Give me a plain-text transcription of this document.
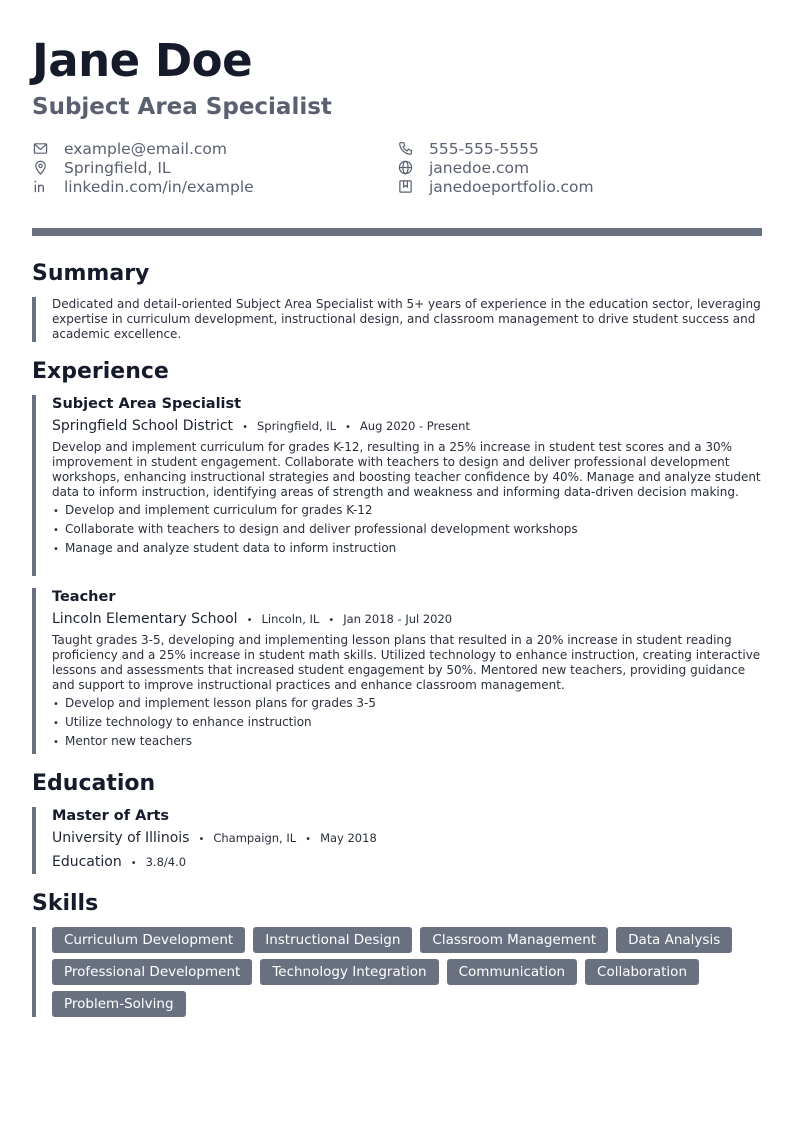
Jane Doe
Subject Area Specialist
example@email.com	555-555-5555
Springfield, IL	janedoe.com
linkedin.com/in/example	janedoeportfolio.com
Summary
Dedicated and detail-oriented Subject Area Specialist with 5+ years of experience in the education sector, leveraging expertise in curriculum development, instructional design, and classroom management to drive student success and academic excellence.
Experience
Subject Area Specialist
Springfield School District • Springfield, IL • Aug 2020 - Present
Develop and implement curriculum for grades K-12, resulting in a 25% increase in student test scores and a 30% improvement in student engagement. Collaborate with teachers to design and deliver professional development workshops, enhancing instructional strategies and boosting teacher confidence by 40%. Manage and analyze student data to inform instruction, identifying areas of strength and weakness and informing data-driven decision making.
• Develop and implement curriculum for grades K-12
• Collaborate with teachers to design and deliver professional development workshops
• Manage and analyze student data to inform instruction
Teacher
Lincoln Elementary School • Lincoln, IL • Jan 2018 - Jul 2020
Taught grades 3-5, developing and implementing lesson plans that resulted in a 20% increase in student reading proficiency and a 25% increase in student math skills. Utilized technology to enhance instruction, creating interactive lessons and assessments that increased student engagement by 50%. Mentored new teachers, providing guidance and support to improve instructional practices and enhance classroom management.
• Develop and implement lesson plans for grades 3-5
• Utilize technology to enhance instruction
• Mentor new teachers
Education
Master of Arts
University of Illinois • Champaign, IL • May 2018
Education • 3.8/4.0
Skills
Curriculum Development	Instructional Design	Classroom Management	Data Analysis
Professional Development	Technology Integration	Communication	Collaboration
Problem-Solving
